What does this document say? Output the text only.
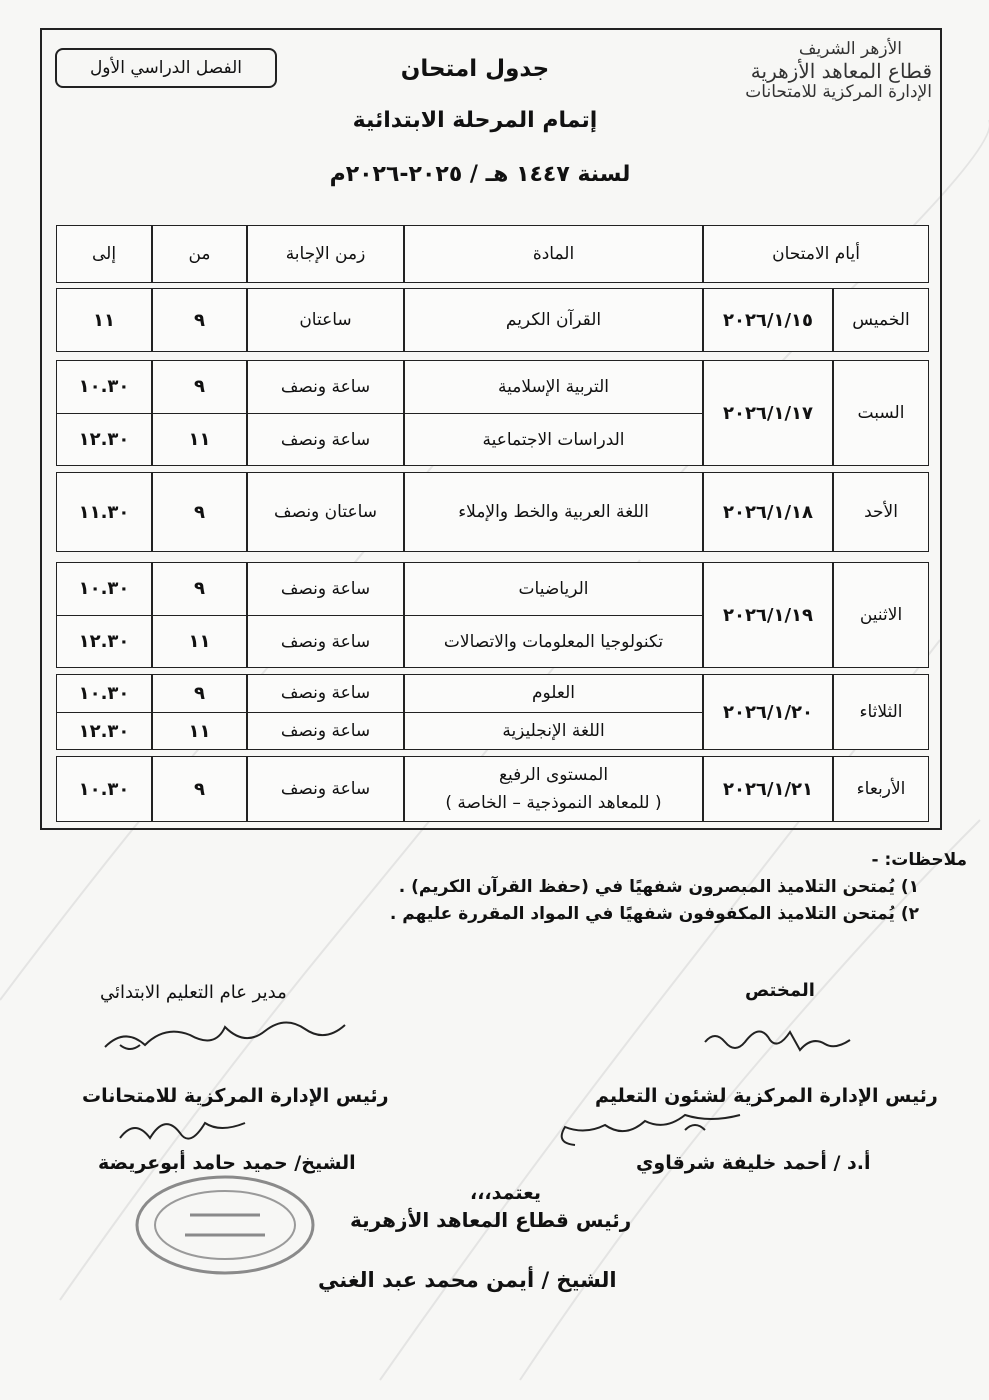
الفصل الدراسي الأول
الأزهر الشريف
قطاع المعاهد الأزهرية
الإدارة المركزية للامتحانات
جدول امتحان
إتمام المرحلة الابتدائية
لسنة ١٤٤٧ هـ / ٢٠٢٥-٢٠٢٦م
أيام الامتحان
المادة
زمن الإجابة
من
إلى
الخميس
٢٠٢٦/١/١٥
القرآن الكريم
ساعتان
٩
١١
السبت
٢٠٢٦/١/١٧
التربية الإسلامية
ساعة ونصف
٩
١٠.٣٠
الدراسات الاجتماعية
ساعة ونصف
١١
١٢.٣٠
الأحد
٢٠٢٦/١/١٨
اللغة العربية والخط والإملاء
ساعتان ونصف
٩
١١.٣٠
الاثنين
٢٠٢٦/١/١٩
الرياضيات
ساعة ونصف
٩
١٠.٣٠
تكنولوجيا المعلومات والاتصالات
ساعة ونصف
١١
١٢.٣٠
الثلاثاء
٢٠٢٦/١/٢٠
العلوم
ساعة ونصف
٩
١٠.٣٠
اللغة الإنجليزية
ساعة ونصف
١١
١٢.٣٠
الأربعاء
٢٠٢٦/١/٢١
المستوى الرفيع
( للمعاهد النموذجية – الخاصة )
ساعة ونصف
٩
١٠.٣٠
ملاحظات: -
١) يُمتحن التلاميذ المبصرون شفهيًا في (حفظ القرآن الكريم) .
٢) يُمتحن التلاميذ المكفوفون شفهيًا في المواد المقررة عليهم .
المختص
مدير عام التعليم الابتدائي
رئيس الإدارة المركزية لشئون التعليم
رئيس الإدارة المركزية للامتحانات
أ.د / أحمد خليفة شرقاوي
الشيخ/ حميد حامد أبوعريضة
يعتمد،،،
رئيس قطاع المعاهد الأزهرية
الشيخ / أيمن محمد عبد الغني
